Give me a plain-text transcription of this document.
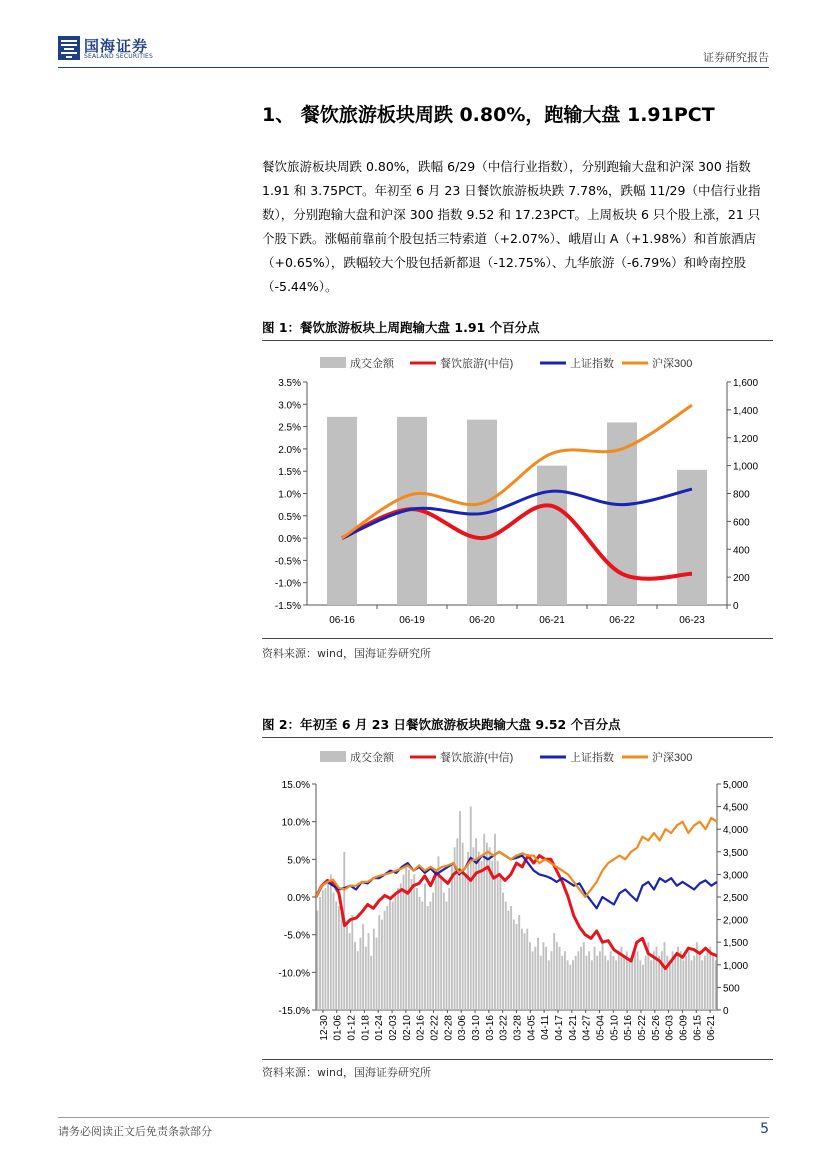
国海证券
SEALAND SECURITIES	证券研究报告
1、 餐饮旅游板块周跌 0.80%，跑输大盘 1.91PCT
餐饮旅游板块周跌 0.80%，跌幅 6/29（中信行业指数），分别跑输大盘和沪深 300 指数 1.91 和 3.75PCT。年初至 6 月 23 日餐饮旅游板块跌 7.78%，跌幅 11/29（中信行业指数），分别跑输大盘和沪深 300 指数 9.52 和 17.23PCT。上周板块 6 只个股上涨，21 只个股下跌。涨幅前靠前个股包括三特索道（+2.07%）、峨眉山 A（+1.98%）和首旅酒店（+0.65%），跌幅较大个股包括新都退（-12.75%）、九华旅游（-6.79%）和岭南控股（-5.44%）。
图 1：餐饮旅游板块上周跑输大盘 1.91 个百分点
成交金额	餐饮旅游(中信)	上证指数	沪深300
-1.5%
-1.0%
-0.5%
0.0%
0.5%
1.0%
1.5%
2.0%
2.5%
3.0%
3.5%
0
200
400
600
800
1,000
1,200
1,400
1,600
06-16	06-19	06-20	06-21	06-22	06-23
资料来源：wind，国海证券研究所
图 2：年初至 6 月 23 日餐饮旅游板块跑输大盘 9.52 个百分点
成交金额	餐饮旅游(中信)	上证指数	沪深300
-15.0%
-10.0%
-5.0%
0.0%
5.0%
10.0%
15.0%
0
500
1,000
1,500
2,000
2,500
3,000
3,500
4,000
4,500
5,000
12-30 01-06 01-12 01-18 01-24 02-03 02-10 02-16 02-22 02-28 03-06 03-10 03-16 03-22 03-28 04-05 04-11 04-17 04-21 04-27 05-04 05-10 05-16 05-22 05-26 06-03 06-09 06-15 06-21
资料来源：wind，国海证券研究所
请务必阅读正文后免责条款部分	5
